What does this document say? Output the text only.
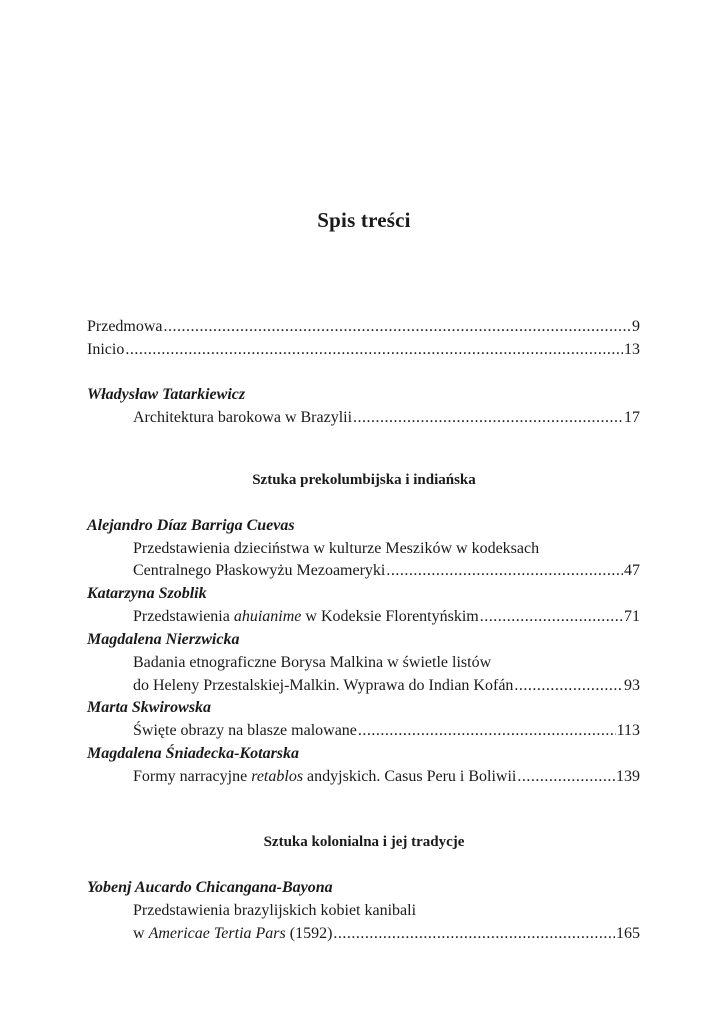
Spis treści
Przedmowa .....	9
Inicio .....	13
Władysław Tatarkiewicz
Architektura barokowa w Brazylii .....	17
Sztuka prekolumbijska i indiańska
Alejandro Díaz Barriga Cuevas
Przedstawienia dzieciństwa w kulturze Meszików w kodeksach
Centralnego Płaskowyżu Mezoameryki .....	47
Katarzyna Szoblik
Przedstawienia ahuianime w Kodeksie Florentyńskim .....	71
Magdalena Nierzwicka
Badania etnograficzne Borysa Malkina w świetle listów
do Heleny Przestalskiej-Malkin. Wyprawa do Indian Kofán .....	93
Marta Skwirowska
Święte obrazy na blasze malowane .....	113
Magdalena Śniadecka-Kotarska
Formy narracyjne retablos andyjskich. Casus Peru i Boliwii .....	139
Sztuka kolonialna i jej tradycje
Yobenj Aucardo Chicangana-Bayona
Przedstawienia brazylijskich kobiet kanibali
w Americae Tertia Pars (1592) .....	165
